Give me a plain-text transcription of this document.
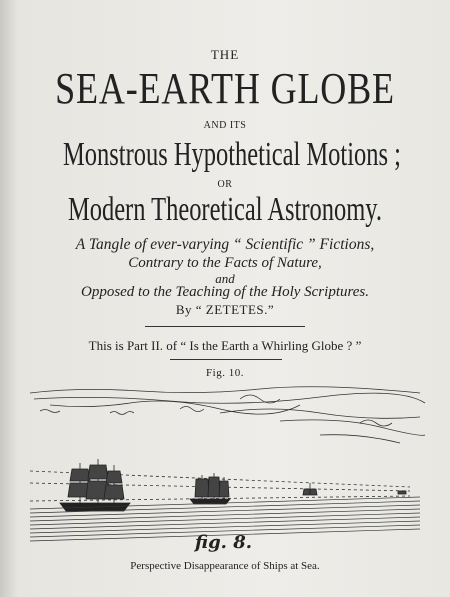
THE
SEA-EARTH GLOBE
AND ITS
Monstrous Hypothetical Motions ;
OR
Modern Theoretical Astronomy.
A Tangle of ever-varying “ Scientific ” Fictions,
Contrary to the Facts of Nature,
and
Opposed to the Teaching of the Holy Scriptures.
By “ ZETETES.”
This is Part II. of “ Is the Earth a Whirling Globe ? ”
Fig. 10.
fig. 8.
Perspective Disappearance of Ships at Sea.
